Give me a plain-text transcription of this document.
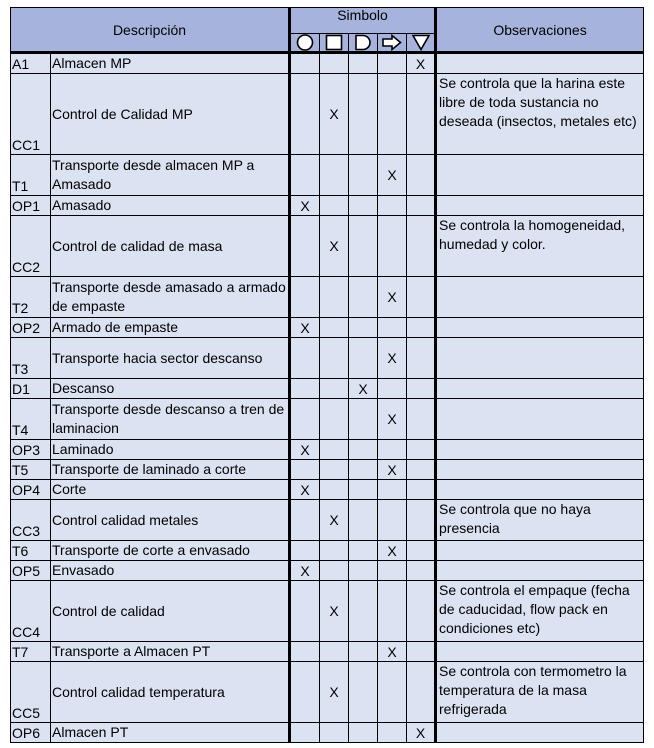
Descripción		Simbolo					Observaciones

A1	Almacen MP					X	
CC1	Control de Calidad MP		X				Se controla que la harina este libre de toda sustancia no deseada (insectos, metales etc)
T1	Transporte desde almacen MP a Amasado				X		
OP1	Amasado	X					
CC2	Control de calidad de masa		X				Se controla la homogeneidad, humedad y color.
T2	Transporte desde amasado a armado de empaste				X		
OP2	Armado de empaste	X					
T3	Transporte hacia sector descanso				X		
D1	Descanso			X			
T4	Transporte desde descanso a tren de laminacion				X		
OP3	Laminado	X					
T5	Transporte de laminado a corte				X		
OP4	Corte	X					
CC3	Control calidad metales		X				Se controla que no haya presencia
T6	Transporte de corte a envasado				X		
OP5	Envasado	X					
CC4	Control de calidad		X				Se controla el empaque (fecha de caducidad, flow pack en condiciones etc)
T7	Transporte a Almacen PT				X		
CC5	Control calidad temperatura		X				Se controla con termometro la temperatura de la masa refrigerada
OP6	Almacen PT					X	
